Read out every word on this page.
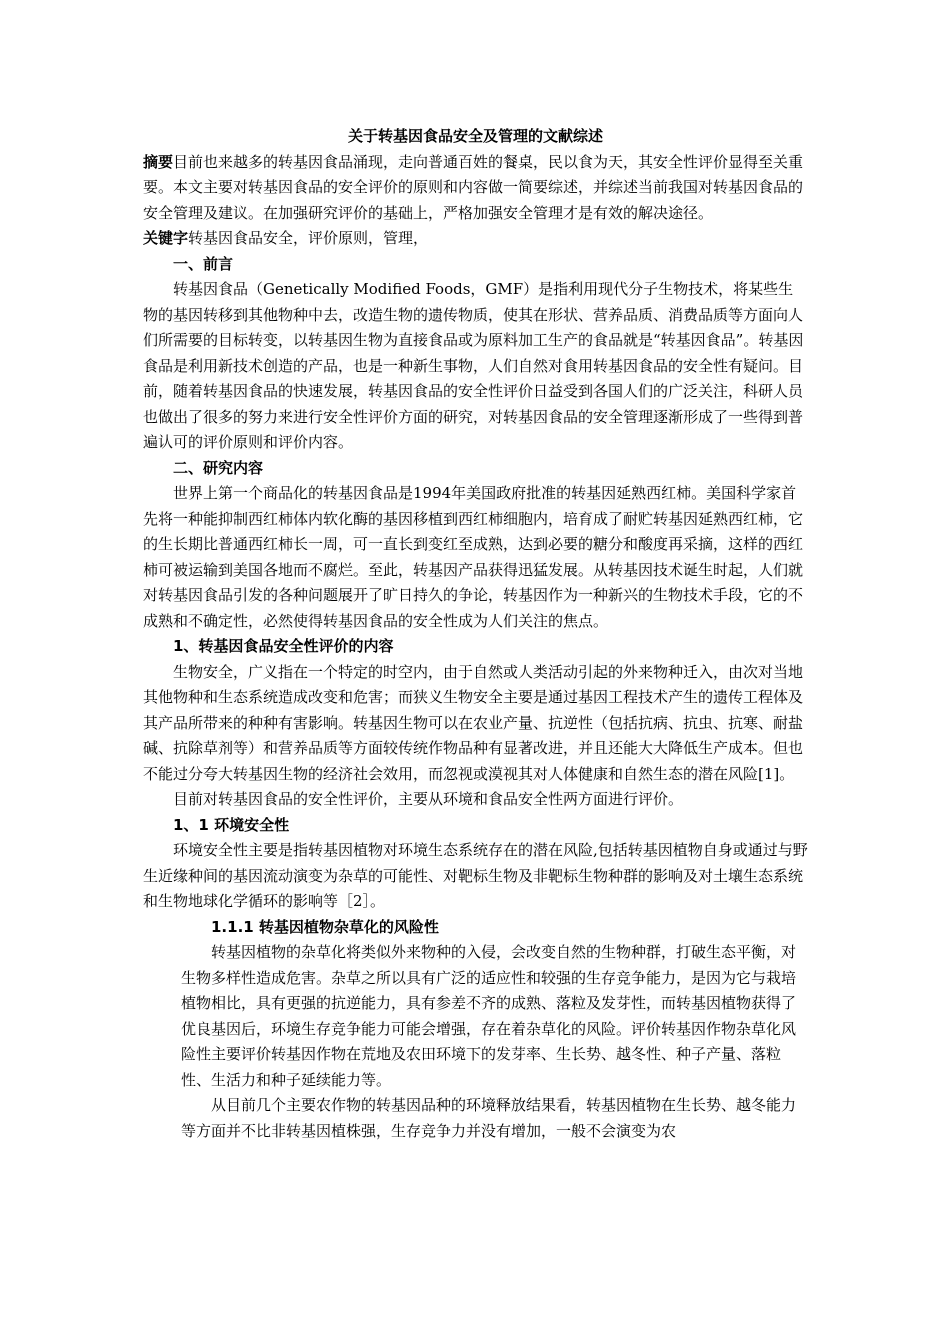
关于转基因食品安全及管理的文献综述

摘要目前也来越多的转基因食品涌现，走向普通百姓的餐桌，民以食为天，其安全性评价显得至关重要。本文主要对转基因食品的安全评价的原则和内容做一简要综述，并综述当前我国对转基因食品的安全管理及建议。在加强研究评价的基础上，严格加强安全管理才是有效的解决途径。

关键字转基因食品安全，评价原则，管理，

一、前言

转基因食品（Genetically Modified Foods，GMF）是指利用现代分子生物技术，将某些生物的基因转移到其他物种中去，改造生物的遗传物质，使其在形状、营养品质、消费品质等方面向人们所需要的目标转变，以转基因生物为直接食品或为原料加工生产的食品就是“转基因食品”。转基因食品是利用新技术创造的产品，也是一种新生事物，人们自然对食用转基因食品的安全性有疑问。目前，随着转基因食品的快速发展，转基因食品的安全性评价日益受到各国人们的广泛关注，科研人员也做出了很多的努力来进行安全性评价方面的研究，对转基因食品的安全管理逐渐形成了一些得到普遍认可的评价原则和评价内容。

二、研究内容

世界上第一个商品化的转基因食品是1994年美国政府批准的转基因延熟西红柿。美国科学家首先将一种能抑制西红柿体内软化酶的基因移植到西红柿细胞内，培育成了耐贮转基因延熟西红柿，它的生长期比普通西红柿长一周，可一直长到变红至成熟，达到必要的糖分和酸度再采摘，这样的西红柿可被运输到美国各地而不腐烂。至此，转基因产品获得迅猛发展。从转基因技术诞生时起，人们就对转基因食品引发的各种问题展开了旷日持久的争论，转基因作为一种新兴的生物技术手段，它的不成熟和不确定性，必然使得转基因食品的安全性成为人们关注的焦点。

1、转基因食品安全性评价的内容

生物安全，广义指在一个特定的时空内，由于自然或人类活动引起的外来物种迁入，由次对当地其他物种和生态系统造成改变和危害；而狭义生物安全主要是通过基因工程技术产生的遗传工程体及其产品所带来的种种有害影响。转基因生物可以在农业产量、抗逆性（包括抗病、抗虫、抗寒、耐盐碱、抗除草剂等）和营养品质等方面较传统作物品种有显著改进，并且还能大大降低生产成本。但也不能过分夸大转基因生物的经济社会效用，而忽视或漠视其对人体健康和自然生态的潜在风险[1]。

目前对转基因食品的安全性评价，主要从环境和食品安全性两方面进行评价。

1、1 环境安全性

环境安全性主要是指转基因植物对环境生态系统存在的潜在风险,包括转基因植物自身或通过与野生近缘种间的基因流动演变为杂草的可能性、对靶标生物及非靶标生物种群的影响及对土壤生态系统和生物地球化学循环的影响等［2］。

1.1.1 转基因植物杂草化的风险性

转基因植物的杂草化将类似外来物种的入侵，会改变自然的生物种群，打破生态平衡，对生物多样性造成危害。杂草之所以具有广泛的适应性和较强的生存竞争能力，是因为它与栽培植物相比，具有更强的抗逆能力，具有参差不齐的成熟、落粒及发芽性，而转基因植物获得了优良基因后，环境生存竞争能力可能会增强，存在着杂草化的风险。评价转基因作物杂草化风险性主要评价转基因作物在荒地及农田环境下的发芽率、生长势、越冬性、种子产量、落粒性、生活力和种子延续能力等。

从目前几个主要农作物的转基因品种的环境释放结果看，转基因植物在生长势、越冬能力等方面并不比非转基因植株强，生存竞争力并没有增加，一般不会演变为农
